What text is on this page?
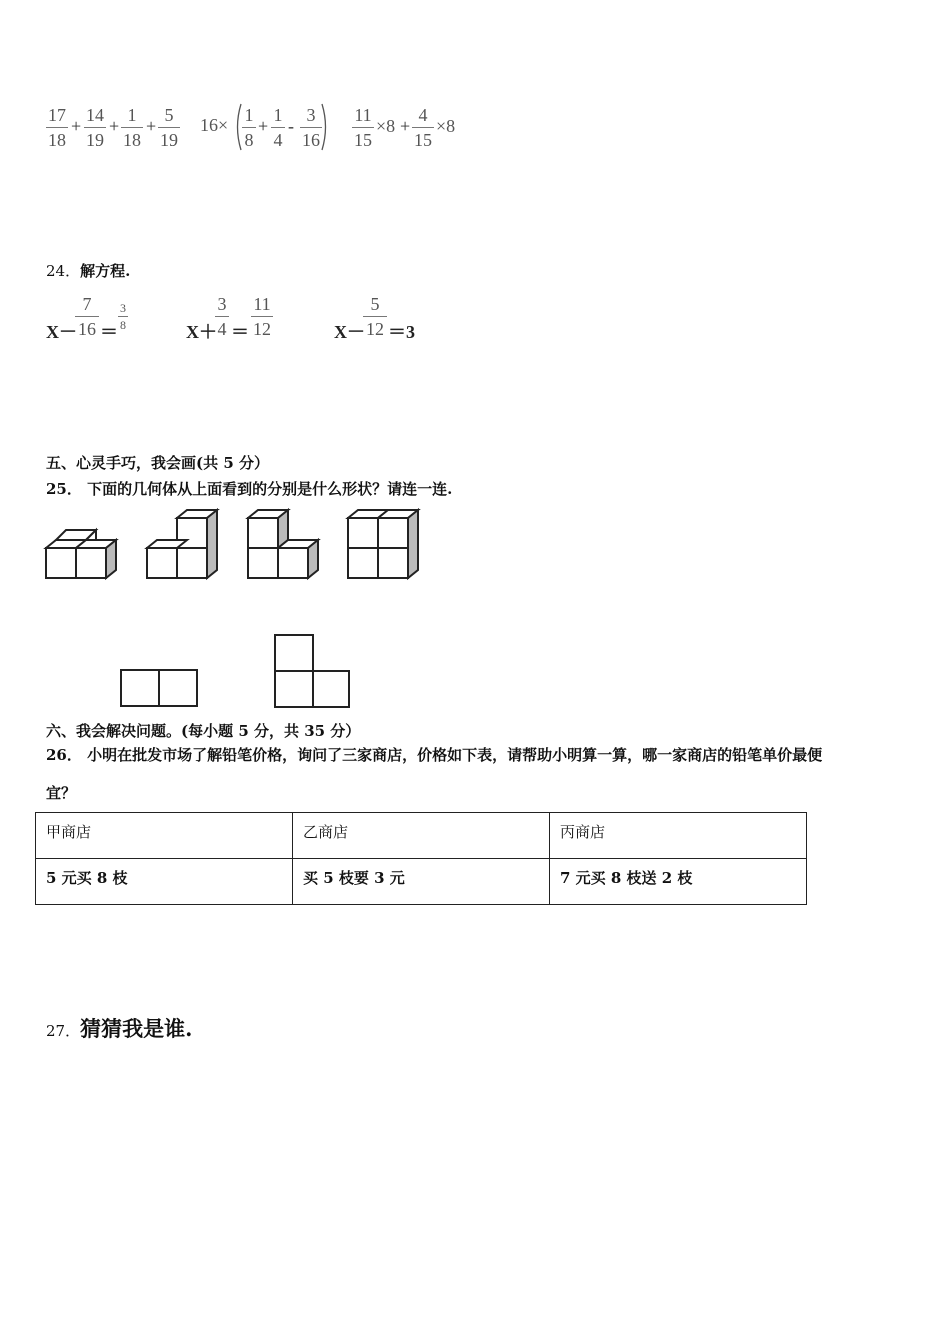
17
18
+
14
19
+
1
18
+
5
19
16× 1
8
+
1
4
-
3
16
11
15
×8 +
4
15
×8
24．解方程.
X－
7
16 ＝
3
8	X＋
3
4 ＝
11
12	X－
5
12 ＝3
五、心灵手巧，我会画(共 5 分）
25． 下面的几何体从上面看到的分别是什么形状？请连一连.
六、我会解决问题。(每小题 5 分，共 35 分）
26． 小明在批发市场了解铅笔价格，询问了三家商店，价格如下表，请帮助小明算一算，哪一家商店的铅笔单价最便
宜？
甲商店	乙商店	丙商店
5 元买 8 枝	买 5 枝要 3 元	7 元买 8 枝送 2 枝
27．猜猜我是谁.
